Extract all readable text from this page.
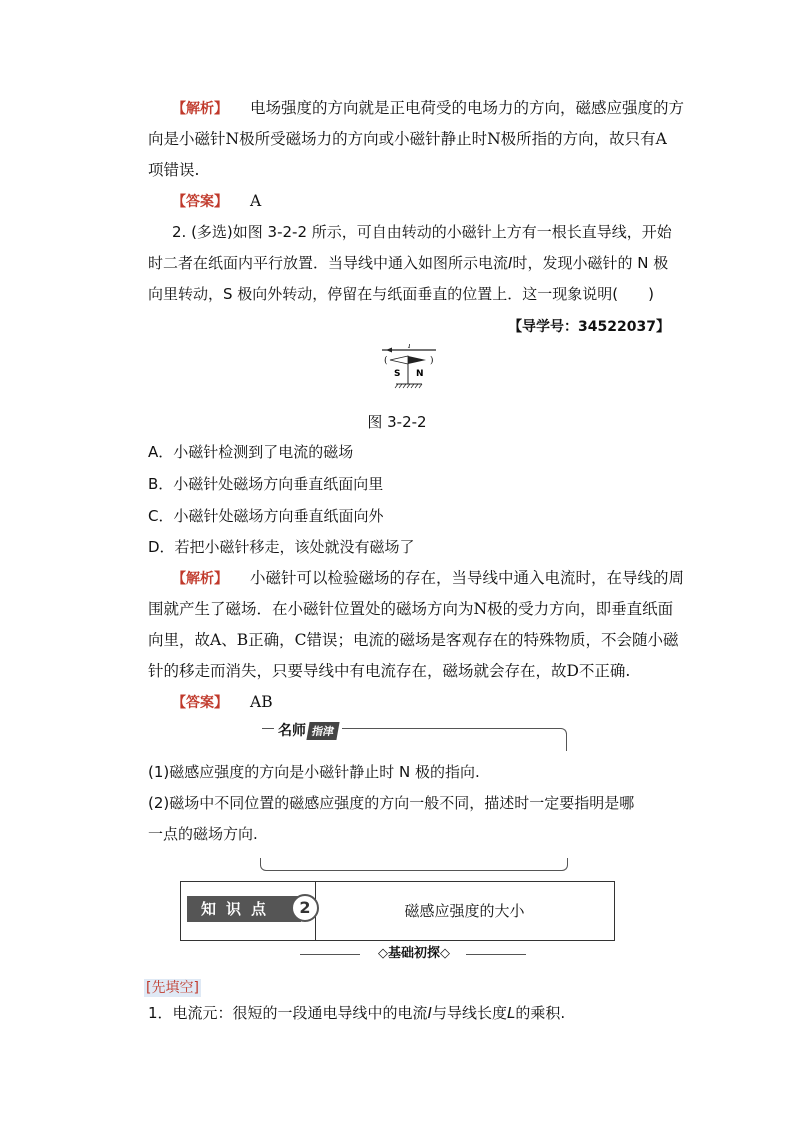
【解析】 电场强度的方向就是正电荷受的电场力的方向，磁感应强度的方
向是小磁针N极所受磁场力的方向或小磁针静止时N极所指的方向，故只有A
项错误.
【答案】 A
2. (多选)如图 3-2-2 所示，可自由转动的小磁针上方有一根长直导线，开始
时二者在纸面内平行放置．当导线中通入如图所示电流I时，发现小磁针的 N 极
向里转动，S 极向外转动，停留在与纸面垂直的位置上．这一现象说明(　　)
【导学号：34522037】
I
(	)
S N
图 3-2-2
A．小磁针检测到了电流的磁场
B．小磁针处磁场方向垂直纸面向里
C．小磁针处磁场方向垂直纸面向外
D．若把小磁针移走，该处就没有磁场了
【解析】 小磁针可以检验磁场的存在，当导线中通入电流时，在导线的周
围就产生了磁场．在小磁针位置处的磁场方向为N极的受力方向，即垂直纸面
向里，故A、B正确，C错误；电流的磁场是客观存在的特殊物质，不会随小磁
针的移走而消失，只要导线中有电流存在，磁场就会存在，故D不正确.
【答案】 AB
名师 指津
(1)磁感应强度的方向是小磁针静止时 N 极的指向.
(2)磁场中不同位置的磁感应强度的方向一般不同，描述时一定要指明是哪
一点的磁场方向.
知识点	2	磁感应强度的大小
◇基础初探◇
[先填空]
1．电流元：很短的一段通电导线中的电流I与导线长度L的乘积.
